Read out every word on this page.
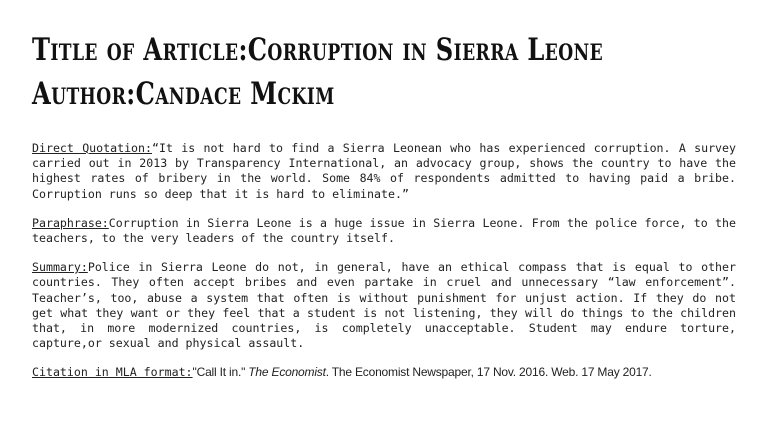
Title of Article:Corruption in Sierra Leone Author:Candace Mckim

Direct Quotation:“It is not hard to find a Sierra Leonean who has experienced corruption. A survey carried out in 2013 by Transparency International, an advocacy group, shows the country to have the highest rates of bribery in the world. Some 84% of respondents admitted to having paid a bribe. Corruption runs so deep that it is hard to eliminate.”

Paraphrase:Corruption in Sierra Leone is a huge issue in Sierra Leone. From the police force, to the teachers, to the very leaders of the country itself.

Summary:Police in Sierra Leone do not, in general, have an ethical compass that is equal to other countries. They often accept bribes and even partake in cruel and unnecessary “law enforcement”. Teacher’s, too, abuse a system that often is without punishment for unjust action. If they do not get what they want or they feel that a student is not listening, they will do things to the children that, in more modernized countries, is completely unacceptable. Student may endure torture, capture,or sexual and physical assault.

Citation in MLA format:"Call It in." The Economist. The Economist Newspaper, 17 Nov. 2016. Web. 17 May 2017.
